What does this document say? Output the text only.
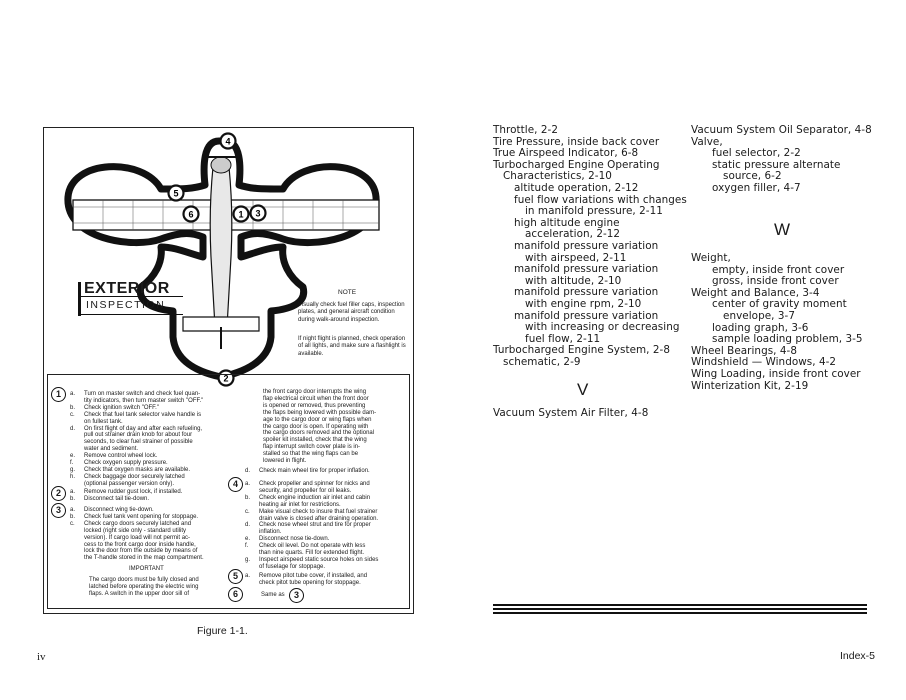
4
5
6	1 3
2
EXTERIOR
INSPECTION
NOTE
Visually check fuel filler caps, inspection plates, and general aircraft condition during walk-around inspection.
If night flight is planned, check operation of all lights, and make sure a flashlight is available.
1	a. Turn on master switch and check fuel quan-
tity indicators, then turn master switch "OFF."
b. Check ignition switch "OFF."
c. Check that fuel tank selector valve handle is
on fullest tank.
d. On first flight of day and after each refueling,
pull out strainer drain knob for about four
seconds, to clear fuel strainer of possible
water and sediment.
e. Remove control wheel lock.
f. Check oxygen supply pressure.
g. Check that oxygen masks are available.
h. Check baggage door securely latched
(optional passenger version only).
2	a. Remove rudder gust lock, if installed.
b. Disconnect tail tie-down.
3	a. Disconnect wing tie-down.
b. Check fuel tank vent opening for stoppage.
c. Check cargo doors securely latched and
locked (right side only - standard utility
version). If cargo load will not permit ac-
cess to the front cargo door inside handle,
lock the door from the outside by means of
the T-handle stored in the map compartment.
IMPORTANT
The cargo doors must be fully closed and
latched before operating the electric wing
flaps. A switch in the upper door sill of
the front cargo door interrupts the wing
flap electrical circuit when the front door
is opened or removed, thus preventing
the flaps being lowered with possible dam-
age to the cargo door or wing flaps when
the cargo door is open. If operating with
the cargo doors removed and the optional
spoiler kit installed, check that the wing
flap interrupt switch cover plate is in-
stalled so that the wing flaps can be
lowered in flight.
d. Check main wheel tire for proper inflation.
4	a. Check propeller and spinner for nicks and
security, and propeller for oil leaks.
b. Check engine induction air inlet and cabin
heating air inlet for restrictions.
c. Make visual check to insure that fuel strainer
drain valve is closed after draining operation.
d. Check nose wheel strut and tire for proper
inflation.
e. Disconnect nose tie-down.
f. Check oil level. Do not operate with less
than nine quarts. Fill for extended flight.
g. Inspect airspeed static source holes on sides
of fuselage for stoppage.
5	a. Remove pitot tube cover, if installed, and
check pitot tube opening for stoppage.
6	Same as	3
Figure 1-1.
iv
Throttle, 2-2
Tire Pressure, inside back cover
True Airspeed Indicator, 6-8
Turbocharged Engine Operating
Characteristics, 2-10
altitude operation, 2-12
fuel flow variations with changes
in manifold pressure, 2-11
high altitude engine
acceleration, 2-12
manifold pressure variation
with airspeed, 2-11
manifold pressure variation
with altitude, 2-10
manifold pressure variation
with engine rpm, 2-10
manifold pressure variation
with increasing or decreasing
fuel flow, 2-11
Turbocharged Engine System, 2-8
schematic, 2-9
V
Vacuum System Air Filter, 4-8
Vacuum System Oil Separator, 4-8
Valve,
fuel selector, 2-2
static pressure alternate
source, 6-2
oxygen filler, 4-7
W
Weight,
empty, inside front cover
gross, inside front cover
Weight and Balance, 3-4
center of gravity moment
envelope, 3-7
loading graph, 3-6
sample loading problem, 3-5
Wheel Bearings, 4-8
Windshield — Windows, 4-2
Wing Loading, inside front cover
Winterization Kit, 2-19
Index-5
